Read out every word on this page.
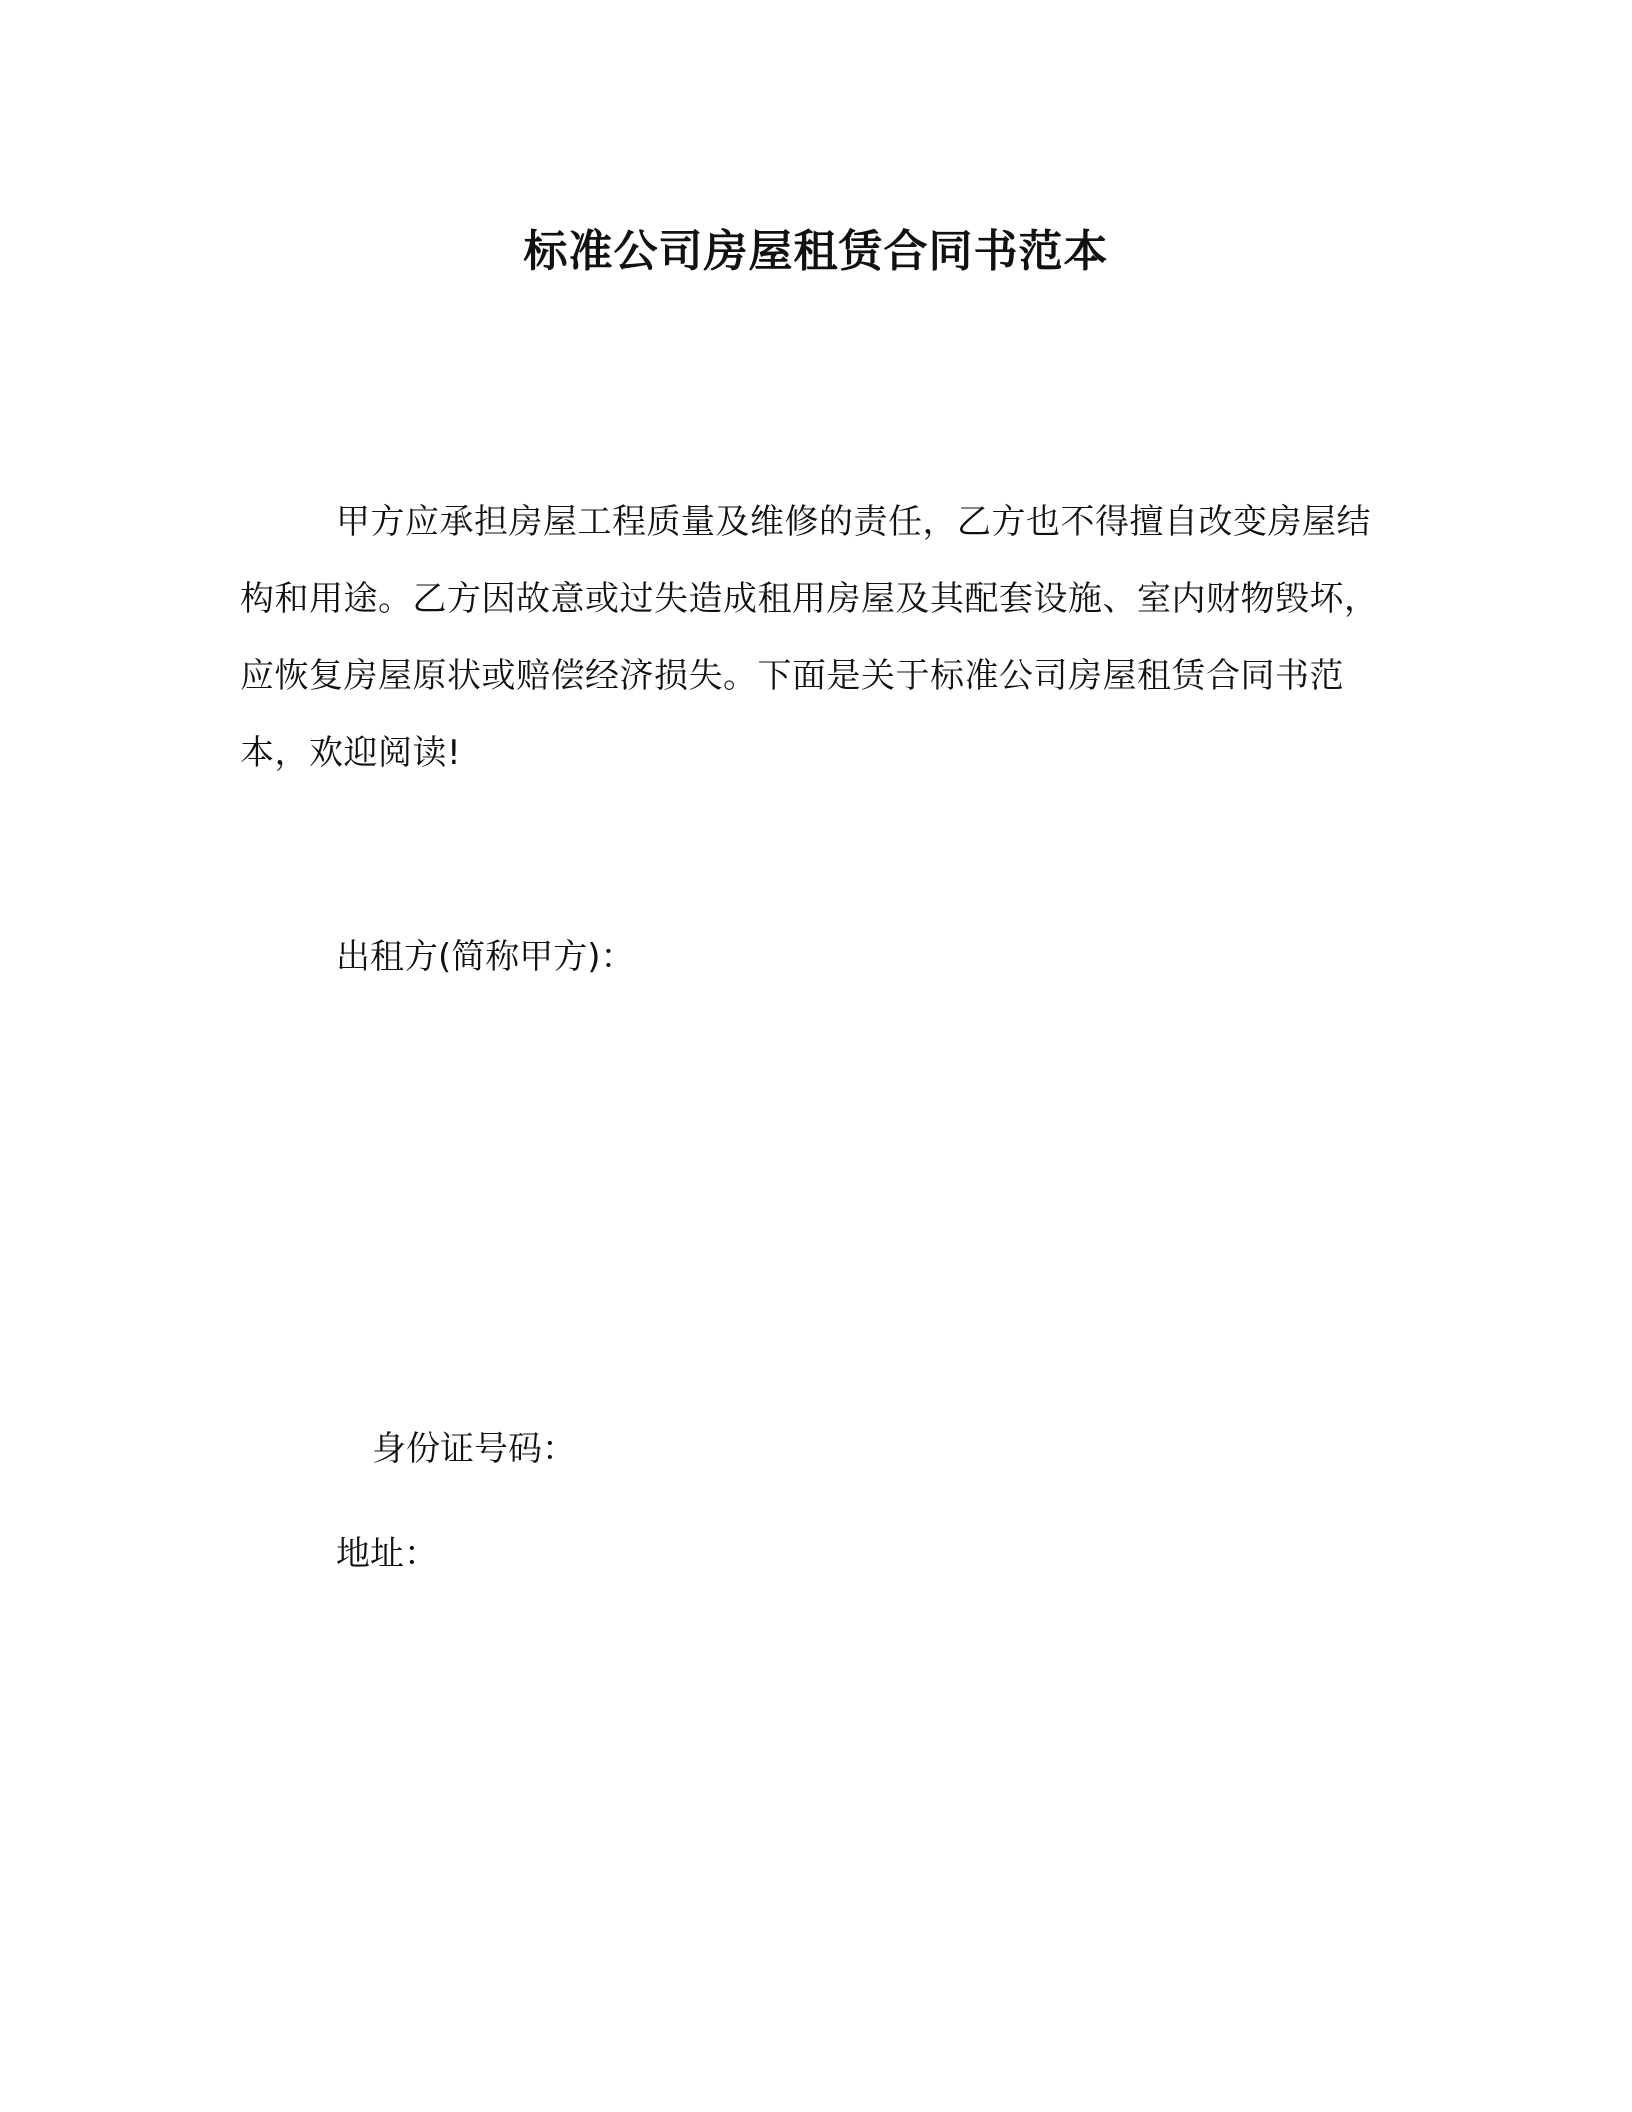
标准公司房屋租赁合同书范本

甲方应承担房屋工程质量及维修的责任，乙方也不得擅自改变房屋结构和用途。乙方因故意或过失造成租用房屋及其配套设施、室内财物毁坏，应恢复房屋原状或赔偿经济损失。下面是关于标准公司房屋租赁合同书范本，欢迎阅读!

出租方(简称甲方)：

身份证号码：

地址：
